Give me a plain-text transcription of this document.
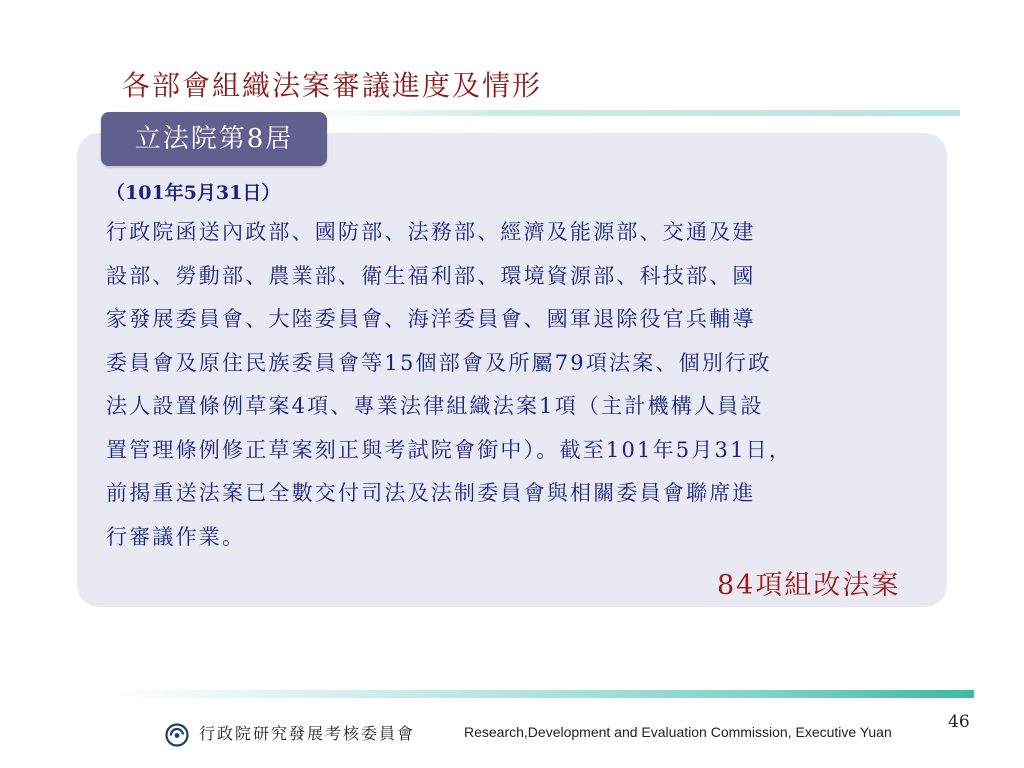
各部會組織法案審議進度及情形
立法院第8居
（101年5月31日）

行政院函送內政部、國防部、法務部、經濟及能源部、交通及建

設部、勞動部、農業部、衛生福利部、環境資源部、科技部、國

家發展委員會、大陸委員會、海洋委員會、國軍退除役官兵輔導

委員會及原住民族委員會等15個部會及所屬79項法案、個別行政

法人設置條例草案4項、專業法律組織法案1項（主計機構人員設

置管理條例修正草案刻正與考試院會銜中）。截至101年5月31日，

前揭重送法案已全數交付司法及法制委員會與相關委員會聯席進

行審議作業。

84項組改法案
46
行政院研究發展考核委員會	Research,Development and Evaluation Commission, Executive Yuan
